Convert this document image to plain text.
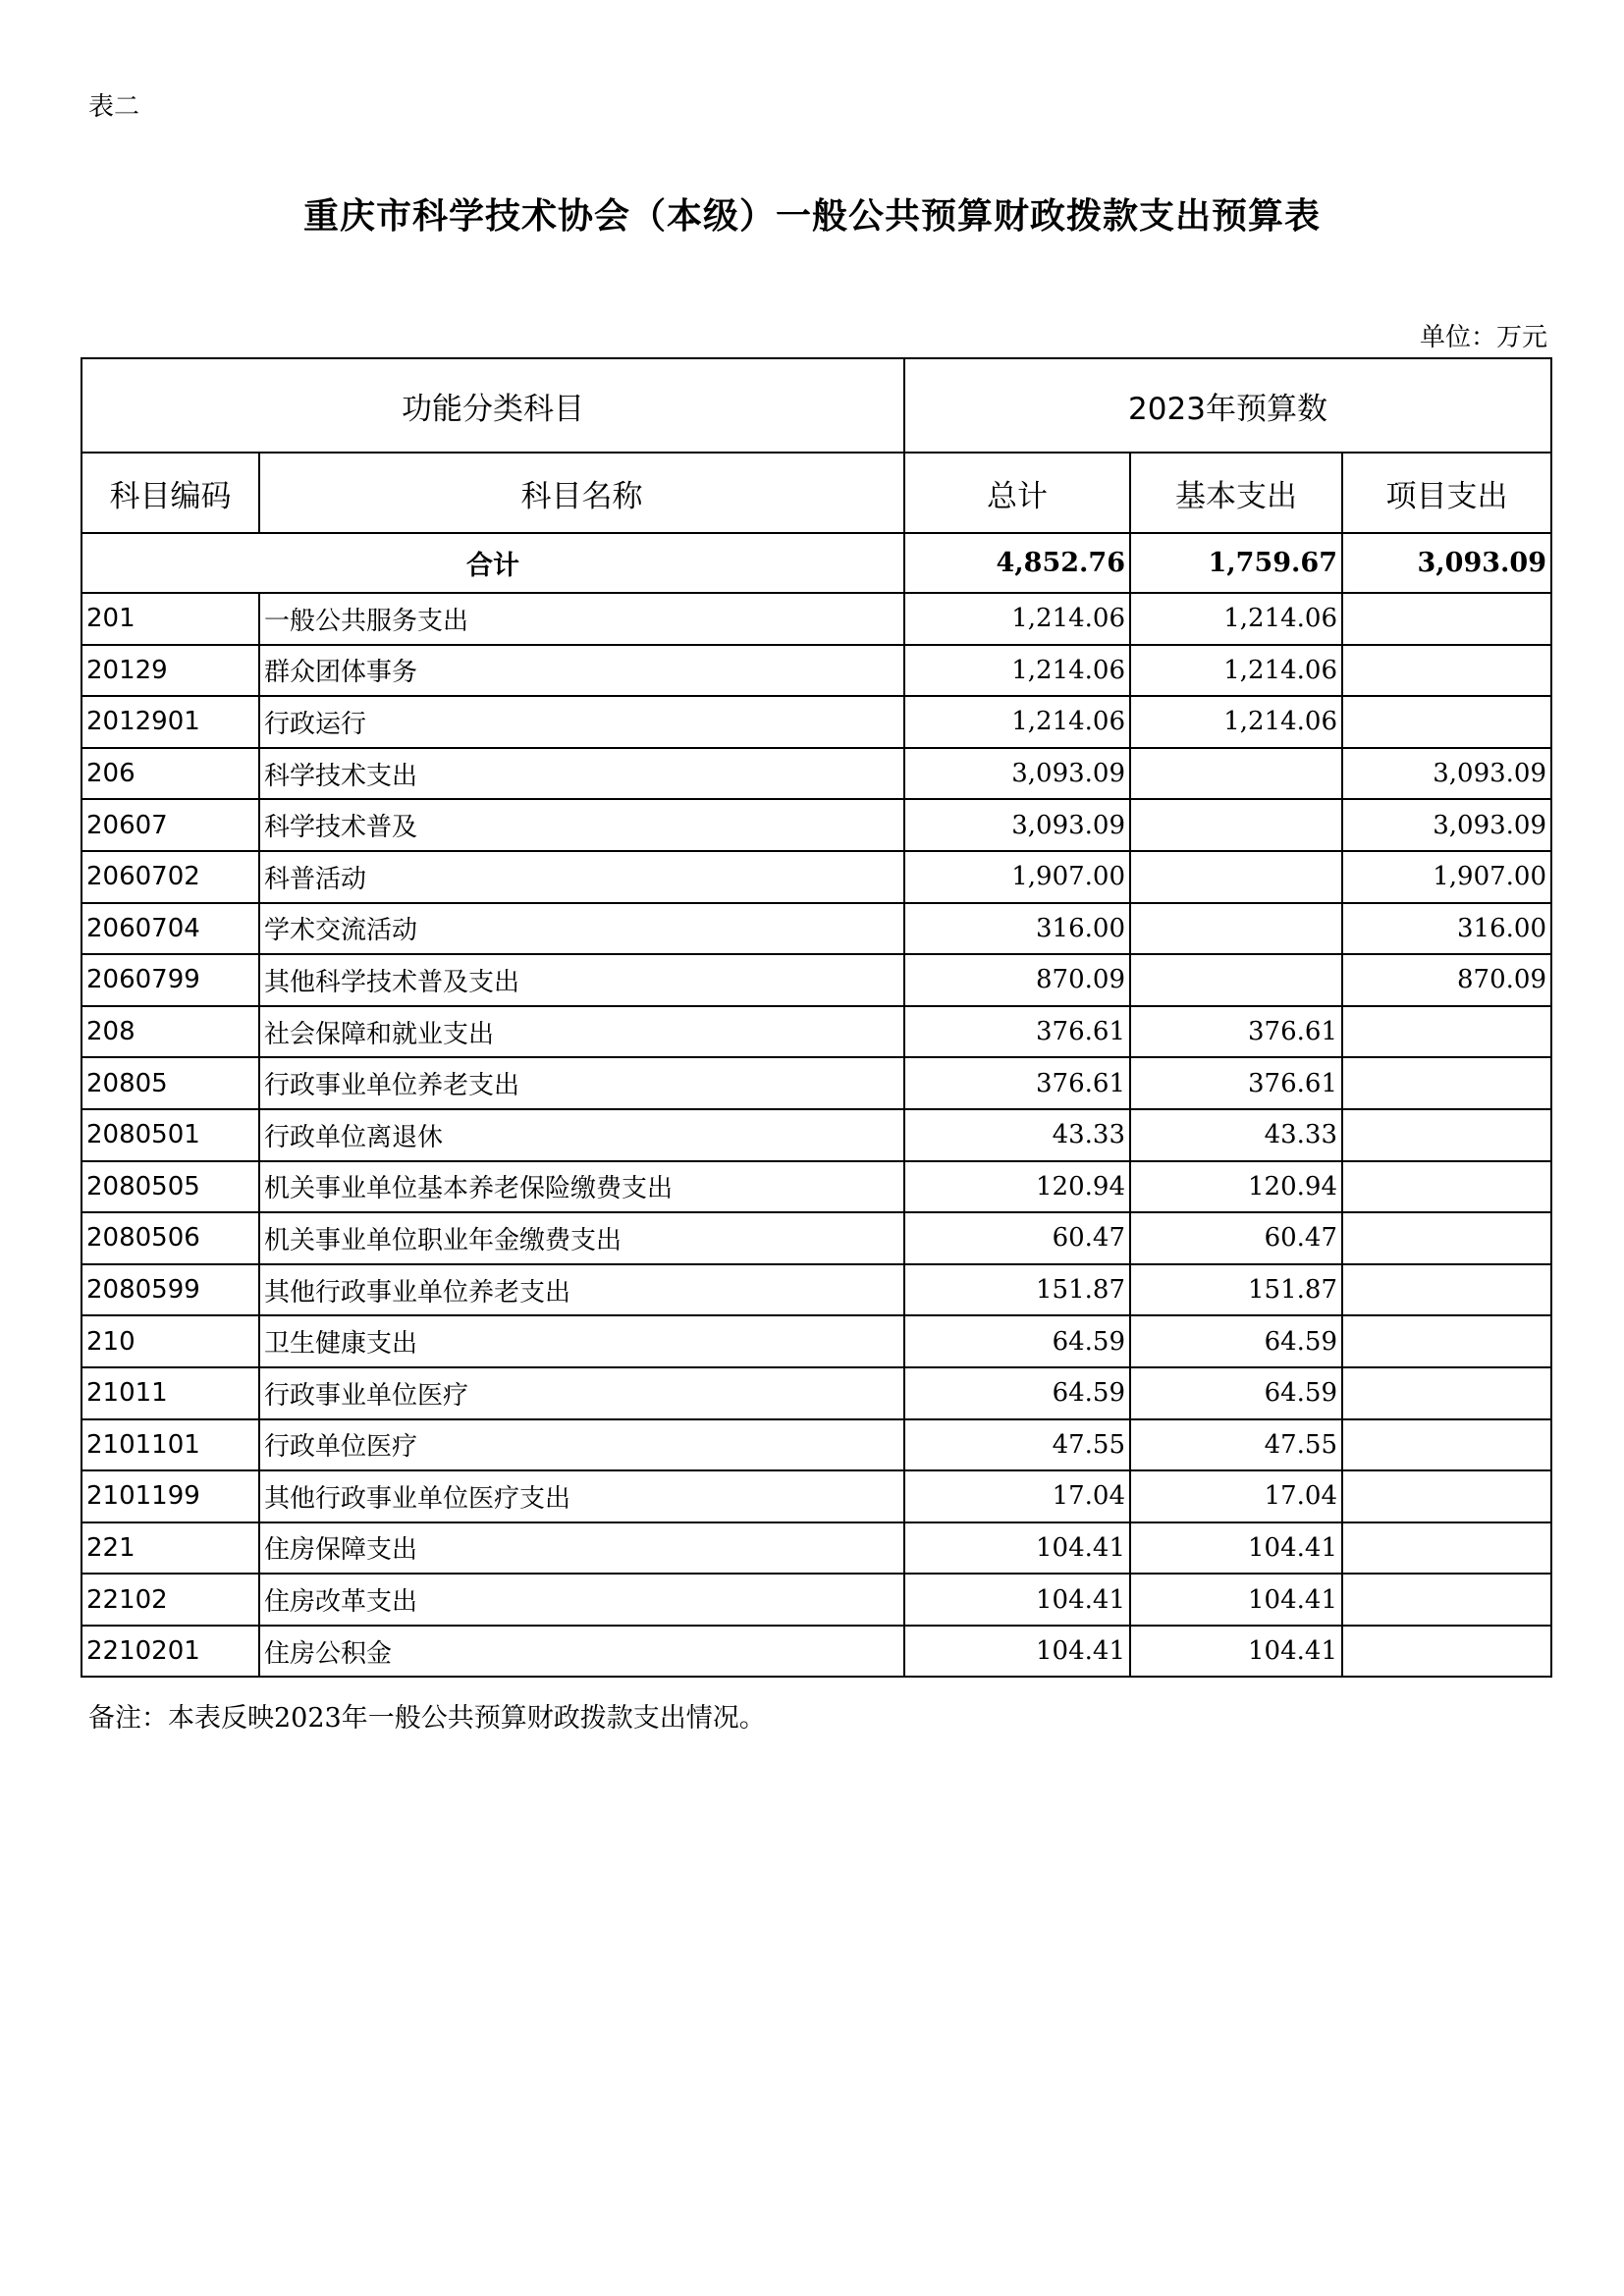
表二
重庆市科学技术协会（本级）一般公共预算财政拨款支出预算表
单位：万元
功能分类科目		2023年预算数		
科目编码	科目名称	总计	基本支出	项目支出
合计		4,852.76	1,759.67	3,093.09
201	一般公共服务支出	1,214.06	1,214.06	
20129	群众团体事务	1,214.06	1,214.06	
2012901	行政运行	1,214.06	1,214.06	
206	科学技术支出	3,093.09		3,093.09
20607	科学技术普及	3,093.09		3,093.09
2060702	科普活动	1,907.00		1,907.00
2060704	学术交流活动	316.00		316.00
2060799	其他科学技术普及支出	870.09		870.09
208	社会保障和就业支出	376.61	376.61	
20805	行政事业单位养老支出	376.61	376.61	
2080501	行政单位离退休	43.33	43.33	
2080505	机关事业单位基本养老保险缴费支出	120.94	120.94	
2080506	机关事业单位职业年金缴费支出	60.47	60.47	
2080599	其他行政事业单位养老支出	151.87	151.87	
210	卫生健康支出	64.59	64.59	
21011	行政事业单位医疗	64.59	64.59	
2101101	行政单位医疗	47.55	47.55	
2101199	其他行政事业单位医疗支出	17.04	17.04	
221	住房保障支出	104.41	104.41	
22102	住房改革支出	104.41	104.41	
2210201	住房公积金	104.41	104.41	
备注：本表反映2023年一般公共预算财政拨款支出情况。
